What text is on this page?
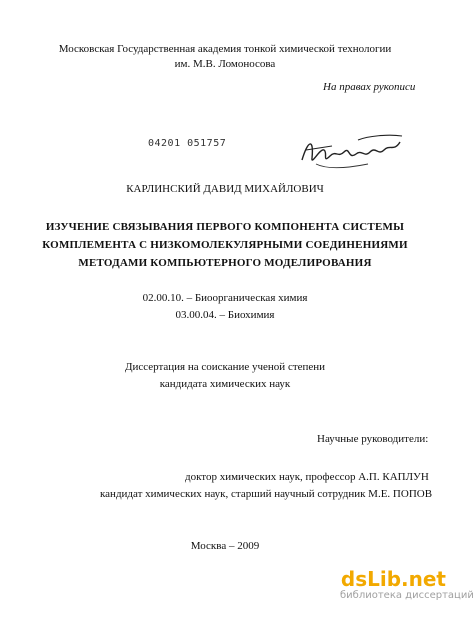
Московская Государственная академия тонкой химической технологии
им. М.В. Ломоносова
На правах рукописи
04201 051757
КАРЛИНСКИЙ ДАВИД МИХАЙЛОВИЧ
ИЗУЧЕНИЕ СВЯЗЫВАНИЯ ПЕРВОГО КОМПОНЕНТА СИСТЕМЫ
КОМПЛЕМЕНТА С НИЗКОМОЛЕКУЛЯРНЫМИ СОЕДИНЕНИЯМИ
МЕТОДАМИ КОМПЬЮТЕРНОГО МОДЕЛИРОВАНИЯ
02.00.10. – Биоорганическая химия
03.00.04. – Биохимия
Диссертация на соискание ученой степени
кандидата химических наук
Научные руководители:
доктор химических наук, профессор А.П. КАПЛУН
кандидат химических наук, старший научный сотрудник М.Е. ПОПОВ
Москва – 2009
dsLib.net
библиотека диссертаций
